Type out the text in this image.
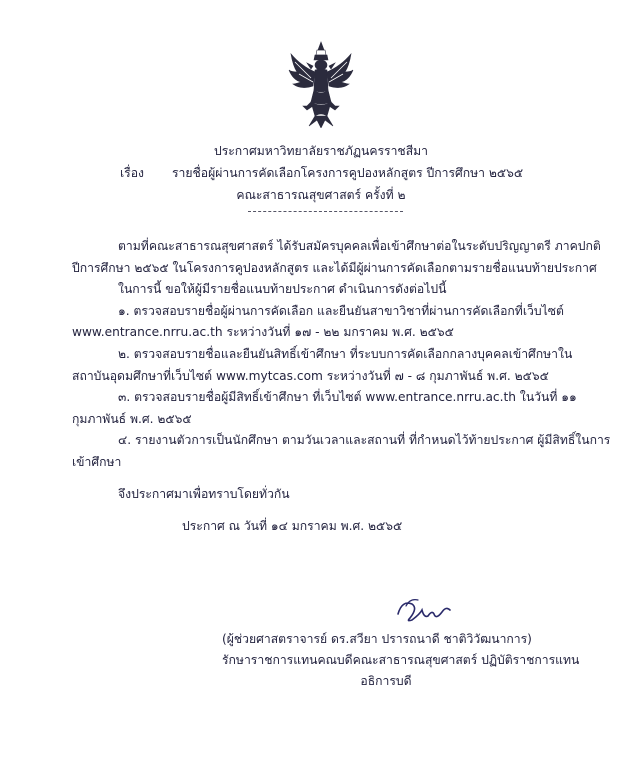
ประกาศมหาวิทยาลัยราชภัฏนครราชสีมา
เรื่อง รายชื่อผู้ผ่านการคัดเลือกโครงการคูปองหลักสูตร ปีการศึกษา ๒๕๖๕
คณะสาธารณสุขศาสตร์ ครั้งที่ ๒
ตามที่คณะสาธารณสุขศาสตร์ ได้รับสมัครบุคคลเพื่อเข้าศึกษาต่อในระดับปริญญาตรี ภาคปกติ
ปีการศึกษา ๒๕๖๕ ในโครงการคูปองหลักสูตร และได้มีผู้ผ่านการคัดเลือกตามรายชื่อแนบท้ายประกาศ
ในการนี้ ขอให้ผู้มีรายชื่อแนบท้ายประกาศ ดำเนินการดังต่อไปนี้
๑. ตรวจสอบรายชื่อผู้ผ่านการคัดเลือก และยืนยันสาขาวิชาที่ผ่านการคัดเลือกที่เว็บไซต์
www.entrance.nrru.ac.th ระหว่างวันที่ ๑๗ - ๒๒ มกราคม พ.ศ. ๒๕๖๕
๒. ตรวจสอบรายชื่อและยืนยันสิทธิ์เข้าศึกษา ที่ระบบการคัดเลือกกลางบุคคลเข้าศึกษาใน
สถาบันอุดมศึกษาที่เว็บไซต์ www.mytcas.com ระหว่างวันที่ ๗ - ๘ กุมภาพันธ์ พ.ศ. ๒๕๖๕
๓. ตรวจสอบรายชื่อผู้มีสิทธิ์เข้าศึกษา ที่เว็บไซต์ www.entrance.nrru.ac.th ในวันที่ ๑๑
กุมภาพันธ์ พ.ศ. ๒๕๖๕
๔. รายงานตัวการเป็นนักศึกษา ตามวันเวลาและสถานที่ ที่กำหนดไว้ท้ายประกาศ ผู้มีสิทธิ์ในการ
เข้าศึกษา
จึงประกาศมาเพื่อทราบโดยทั่วกัน
ประกาศ ณ วันที่ ๑๔ มกราคม พ.ศ. ๒๕๖๕
(ผู้ช่วยศาสตราจารย์ ดร.สวียา ปรารถนาดี ชาติวิวัฒนาการ)
รักษาราชการแทนคณบดีคณะสาธารณสุขศาสตร์ ปฏิบัติราชการแทน
อธิการบดี
